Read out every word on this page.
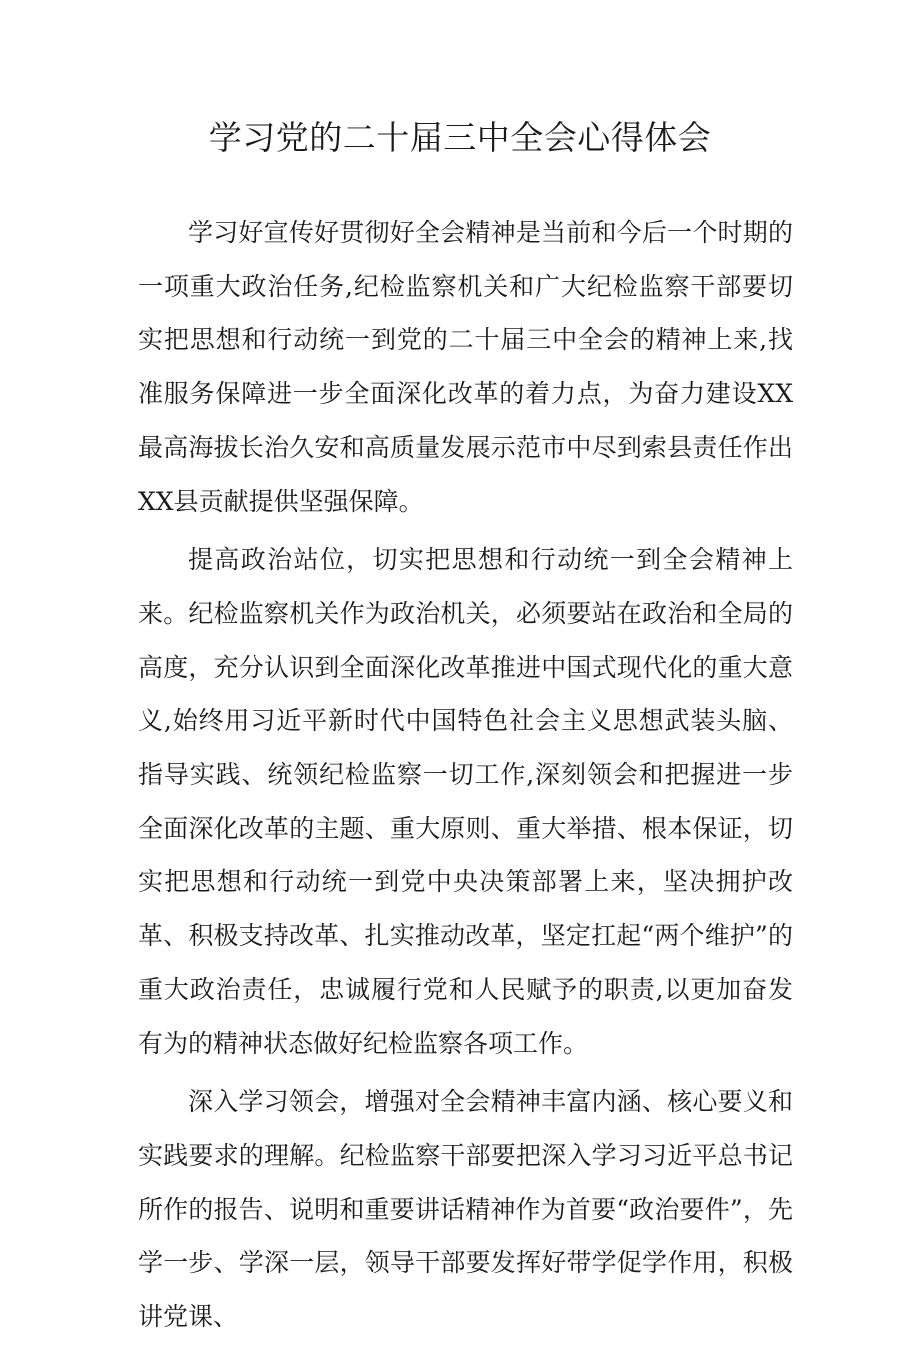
学习党的二十届三中全会心得体会

学习好宣传好贯彻好全会精神是当前和今后一个时期的一项重大政治任务,纪检监察机关和广大纪检监察干部要切实把思想和行动统一到党的二十届三中全会的精神上来,找准服务保障进一步全面深化改革的着力点，为奋力建设XX最高海拔长治久安和高质量发展示范市中尽到索县责任作出XX县贡献提供坚强保障。

提高政治站位，切实把思想和行动统一到全会精神上来。纪检监察机关作为政治机关，必须要站在政治和全局的高度，充分认识到全面深化改革推进中国式现代化的重大意义,始终用习近平新时代中国特色社会主义思想武装头脑、指导实践、统领纪检监察一切工作,深刻领会和把握进一步全面深化改革的主题、重大原则、重大举措、根本保证，切实把思想和行动统一到党中央决策部署上来，坚决拥护改革、积极支持改革、扎实推动改革，坚定扛起“两个维护”的重大政治责任，忠诚履行党和人民赋予的职责,以更加奋发有为的精神状态做好纪检监察各项工作。

深入学习领会，增强对全会精神丰富内涵、核心要义和实践要求的理解。纪检监察干部要把深入学习习近平总书记所作的报告、说明和重要讲话精神作为首要“政治要件”，先学一步、学深一层，领导干部要发挥好带学促学作用，积极讲党课、
